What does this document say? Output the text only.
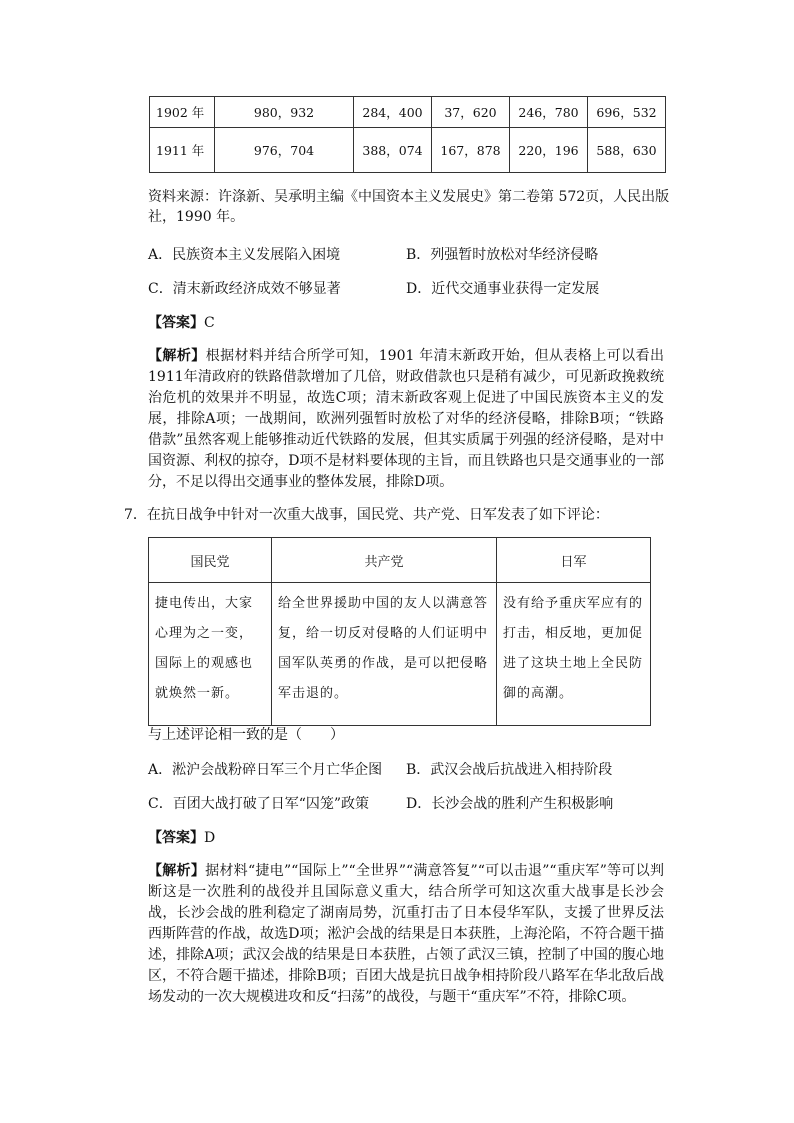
1902 年	980，932	284，400	37，620	246，780	696，532
1911 年	976，704	388，074	167，878	220，196	588，630
资料来源：许涤新、吴承明主编《中国资本主义发展史》第二卷第 572页，人民出版
社，1990 年。
A．民族资本主义发展陷入困境	B．列强暂时放松对华经济侵略
C．清末新政经济成效不够显著	D．近代交通事业获得一定发展
【答案】C
【解析】根据材料并结合所学可知，1901 年清末新政开始，但从表格上可以看出1911年清政府的铁路借款增加了几倍，财政借款也只是稍有减少，可见新政挽救统治危机的效果并不明显，故选C项；清末新政客观上促进了中国民族资本主义的发展，排除A项；一战期间，欧洲列强暂时放松了对华的经济侵略，排除B项；“铁路借款”虽然客观上能够推动近代铁路的发展，但其实质属于列强的经济侵略，是对中国资源、利权的掠夺，D项不是材料要体现的主旨，而且铁路也只是交通事业的一部分，不足以得出交通事业的整体发展，排除D项。
7．在抗日战争中针对一次重大战事，国民党、共产党、日军发表了如下评论：
国民党	共产党	日军
捷电传出，大家心理为之一变，国际上的观感也就焕然一新。	给全世界援助中国的友人以满意答复，给一切反对侵略的人们证明中国军队英勇的作战，是可以把侵略军击退的。	没有给予重庆军应有的打击，相反地，更加促进了这块土地上全民防御的高潮。
与上述评论相一致的是（　　）
A．淞沪会战粉碎日军三个月亡华企图 B．武汉会战后抗战进入相持阶段
C．百团大战打破了日军“囚笼”政策	D．长沙会战的胜利产生积极影响
【答案】D
【解析】据材料“捷电”“国际上”“全世界”“满意答复”“可以击退”“重庆军”等可以判断这是一次胜利的战役并且国际意义重大，结合所学可知这次重大战事是长沙会战，长沙会战的胜利稳定了湖南局势，沉重打击了日本侵华军队，支援了世界反法西斯阵营的作战，故选D项；淞沪会战的结果是日本获胜，上海沦陷，不符合题干描述，排除A项；武汉会战的结果是日本获胜，占领了武汉三镇，控制了中国的腹心地区，不符合题干描述，排除B项；百团大战是抗日战争相持阶段八路军在华北敌后战场发动的一次大规模进攻和反“扫荡”的战役，与题干“重庆军”不符，排除C项。
